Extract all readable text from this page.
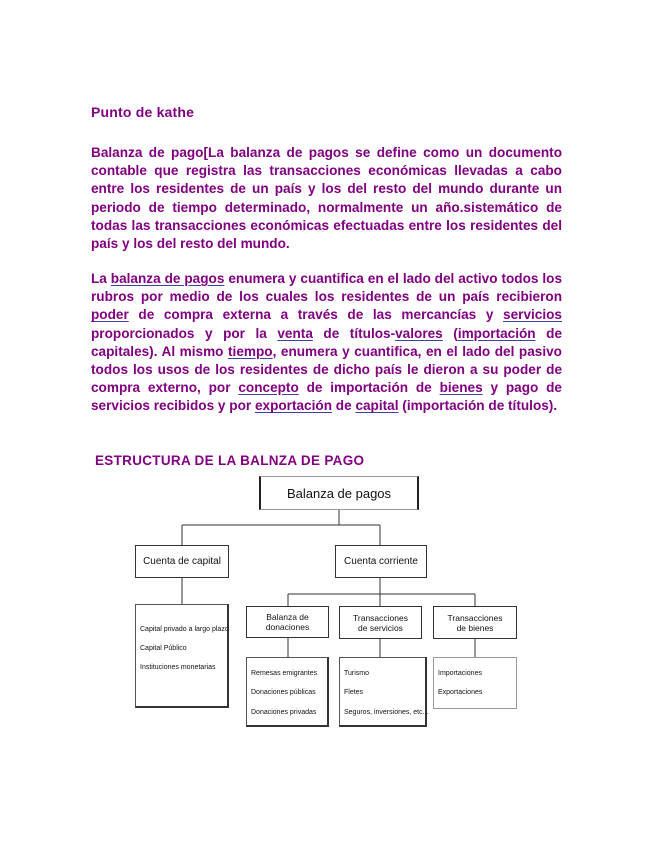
Punto de kathe

Balanza de pago[La balanza de pagos se define como un documento contable que registra las transacciones económicas llevadas a cabo entre los residentes de un país y los del resto del mundo durante un periodo de tiempo determinado, normalmente un año.sistemático de todas las transacciones económicas efectuadas entre los residentes del país y los del resto del mundo.

La balanza de pagos enumera y cuantifica en el lado del activo todos los rubros por medio de los cuales los residentes de un país recibieron poder de compra externa a través de las mercancías y servicios proporcionados y por la venta de títulos-valores (importación de capitales). Al mismo tiempo, enumera y cuantifica, en el lado del pasivo todos los usos de los residentes de dicho país le dieron a su poder de compra externo, por concepto de importación de bienes y pago de servicios recibidos y por exportación de capital (importación de títulos).

ESTRUCTURA DE LA BALNZA DE PAGO
Balanza de pagos
Cuenta de capital	Cuenta corriente
Balanza de donaciones
Transacciones
de servicios
Transacciones
de bienes
Capital privado a largo plazo
Capital Público
Instituciones monetarias
Remesas emigrantes
Donaciones públicas
Donaciones privadas
Turismo
Fletes
Seguros, inversiones, etc...
Importaciones
Exportaciones
